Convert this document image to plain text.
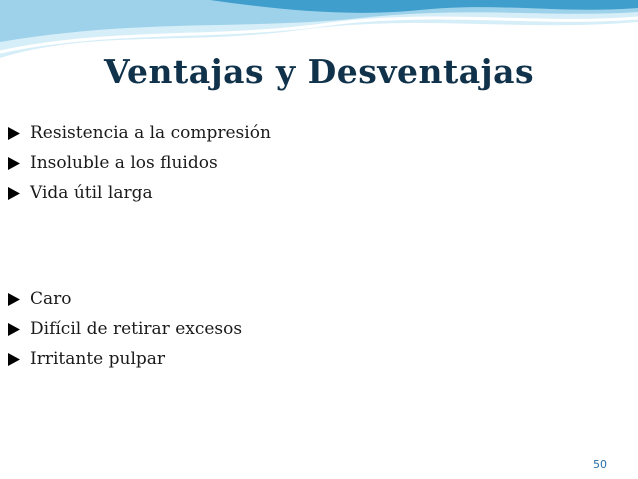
Ventajas y Desventajas
Resistencia a la compresión
Insoluble a los fluidos
Vida útil larga
Caro
Difícil de retirar excesos
Irritante pulpar
50
